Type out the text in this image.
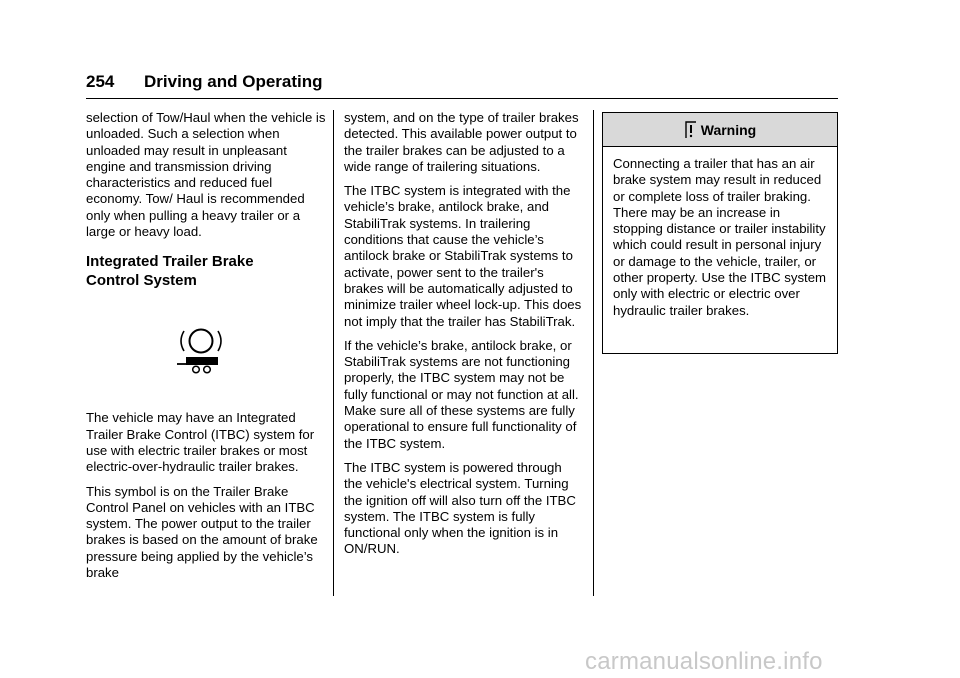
254 Driving and Operating

selection of Tow/Haul when the vehicle is unloaded. Such a selection when unloaded may result in unpleasant engine and transmission driving characteristics and reduced fuel economy. Tow/ Haul is recommended only when pulling a heavy trailer or a large or heavy load.

Integrated Trailer Brake
Control System

The vehicle may have an Integrated Trailer Brake Control (ITBC) system for use with electric trailer brakes or most electric-over-hydraulic trailer brakes.

This symbol is on the Trailer Brake Control Panel on vehicles with an ITBC system. The power output to the trailer brakes is based on the amount of brake pressure being applied by the vehicle’s brake

system, and on the type of trailer brakes detected. This available power output to the trailer brakes can be adjusted to a wide range of trailering situations.

The ITBC system is integrated with the vehicle’s brake, antilock brake, and StabiliTrak systems. In trailering conditions that cause the vehicle’s antilock brake or StabiliTrak systems to activate, power sent to the trailer's brakes will be automatically adjusted to minimize trailer wheel lock-up. This does not imply that the trailer has StabiliTrak.

If the vehicle’s brake, antilock brake, or StabiliTrak systems are not functioning properly, the ITBC system may not be fully functional or may not function at all. Make sure all of these systems are fully operational to ensure full functionality of the ITBC system.

The ITBC system is powered through the vehicle's electrical system. Turning the ignition off will also turn off the ITBC system. The ITBC system is fully functional only when the ignition is in ON/RUN.

Warning
Connecting a trailer that has an air brake system may result in reduced or complete loss of trailer braking. There may be an increase in stopping distance or trailer instability which could result in personal injury or damage to the vehicle, trailer, or other property. Use the ITBC system only with electric or electric over hydraulic trailer brakes.
carmanualsonline.info
